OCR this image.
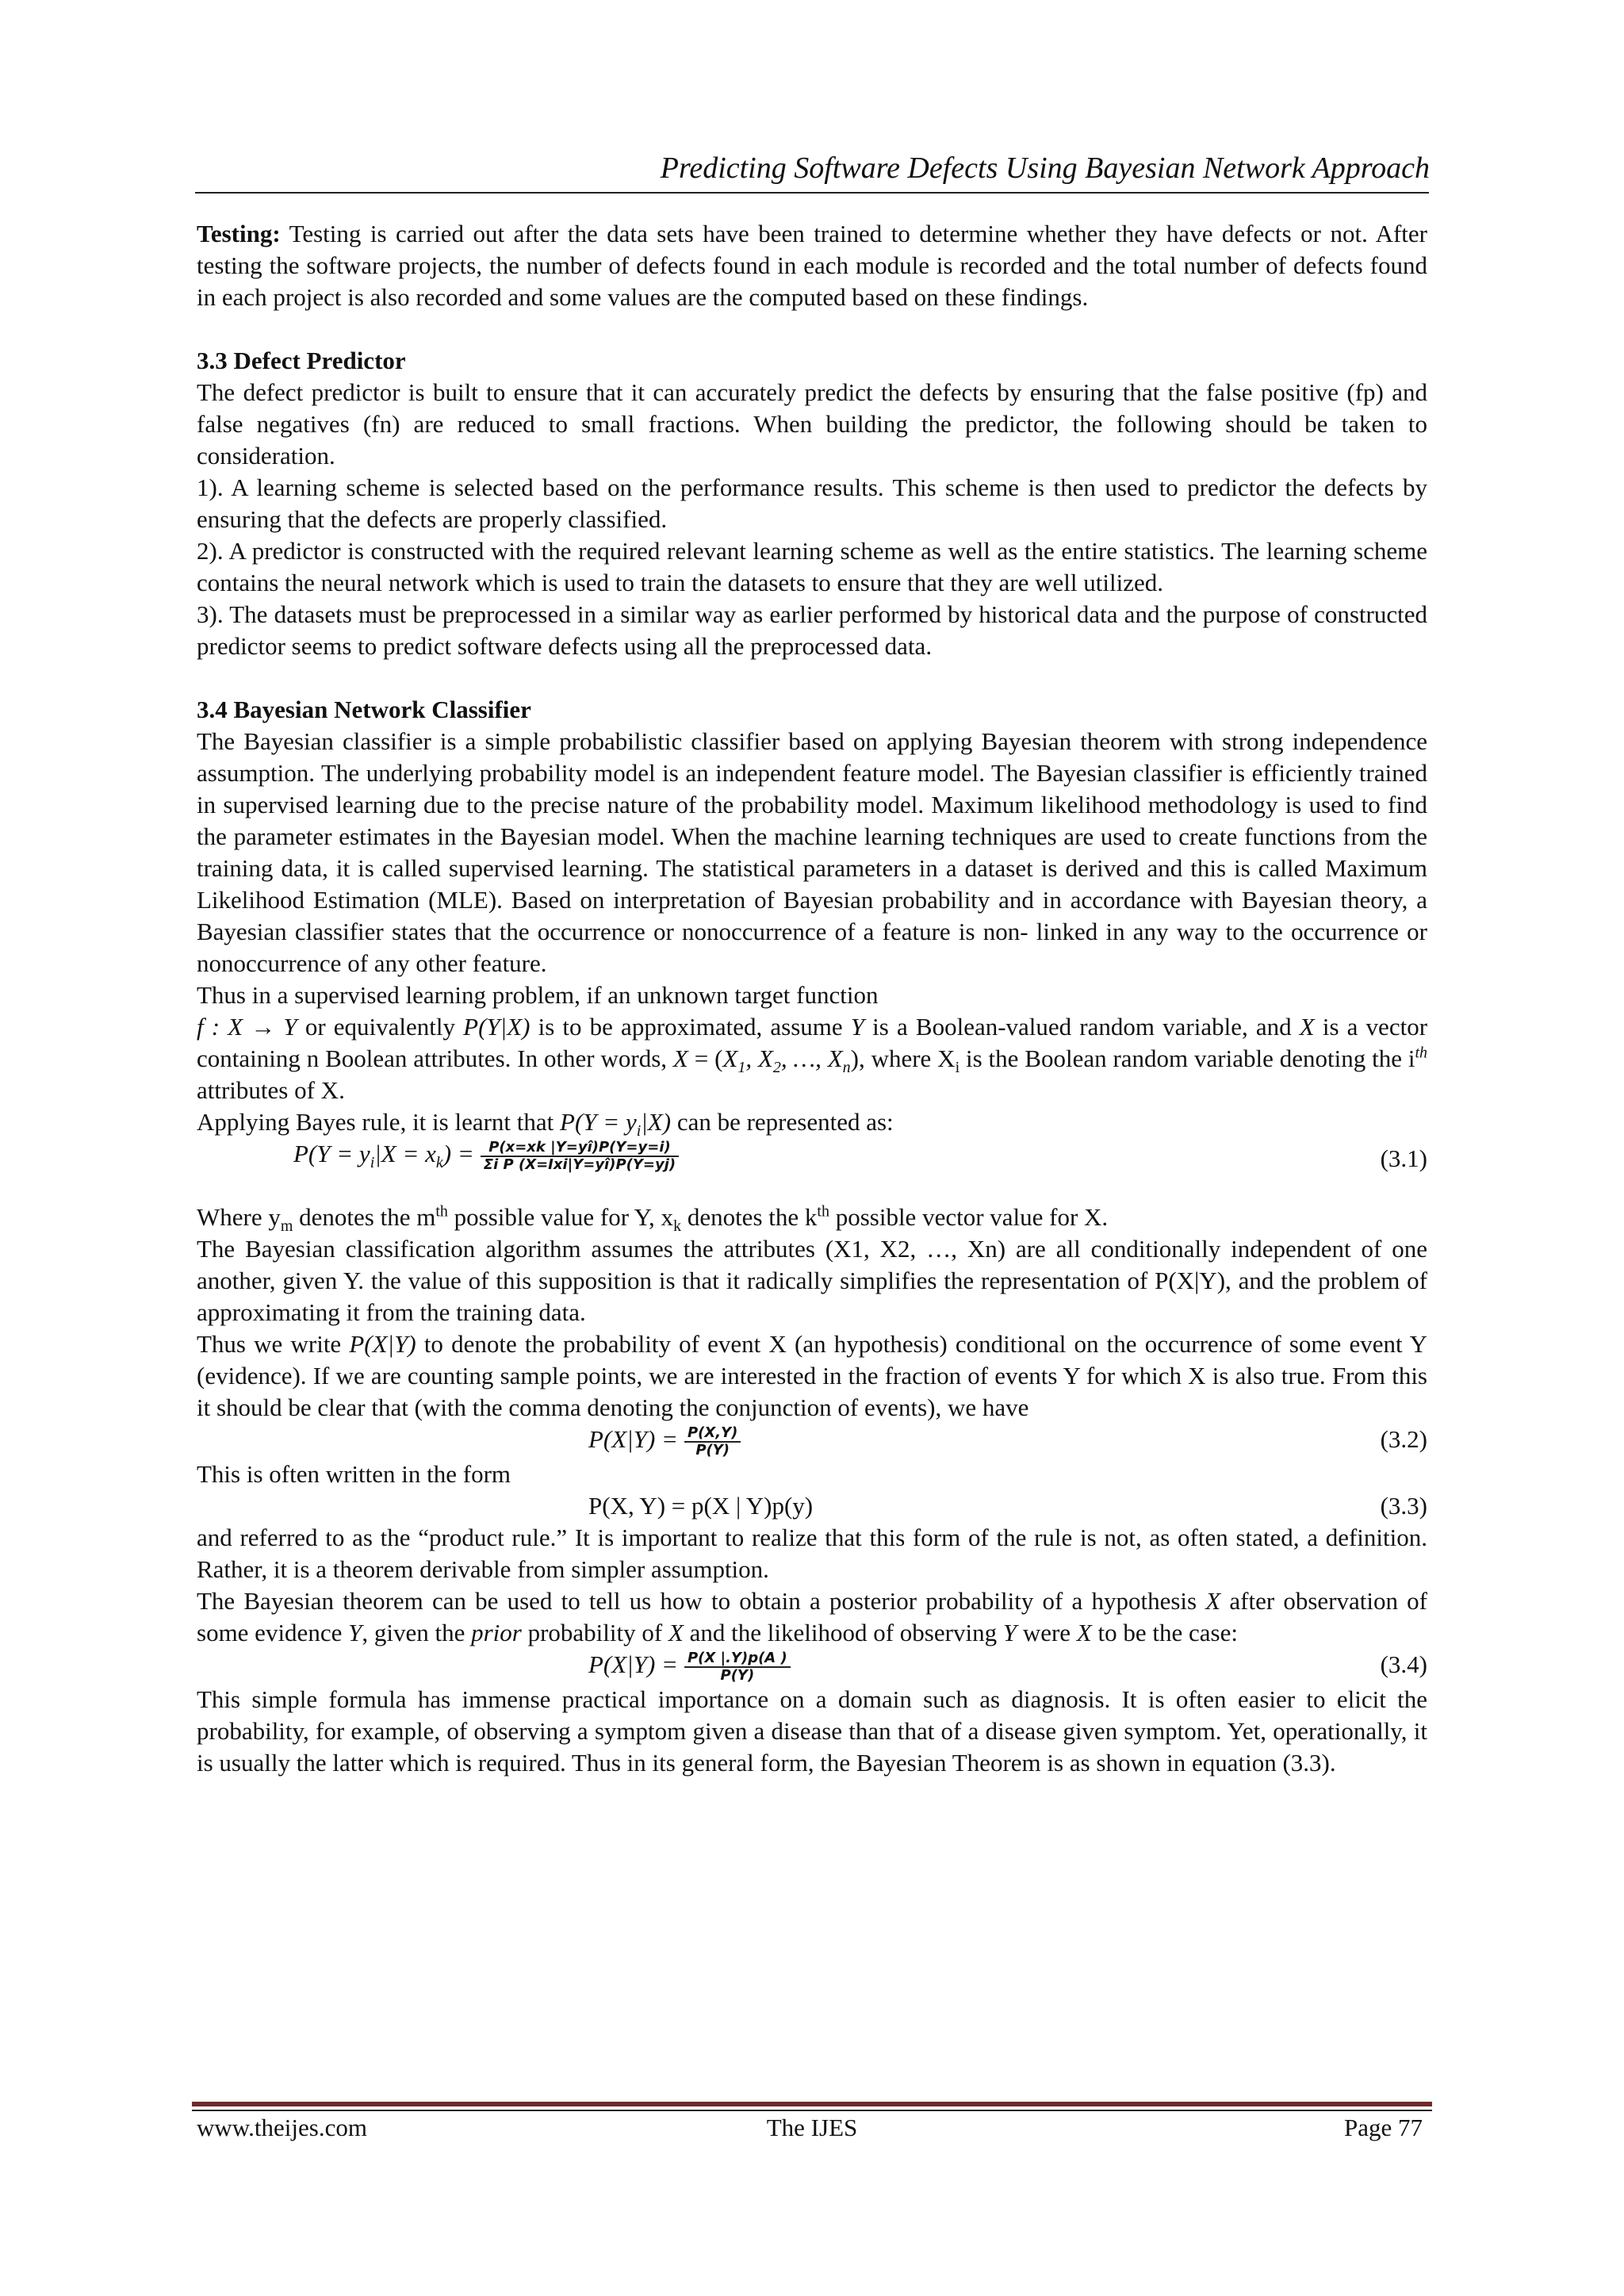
Predicting Software Defects Using Bayesian Network Approach

Testing: Testing is carried out after the data sets have been trained to determine whether they have defects or not. After testing the software projects, the number of defects found in each module is recorded and the total number of defects found in each project is also recorded and some values are the computed based on these findings.

3.3 Defect Predictor

The defect predictor is built to ensure that it can accurately predict the defects by ensuring that the false positive (fp) and false negatives (fn) are reduced to small fractions. When building the predictor, the following should be taken to consideration.

1). A learning scheme is selected based on the performance results. This scheme is then used to predictor the defects by ensuring that the defects are properly classified.

2). A predictor is constructed with the required relevant learning scheme as well as the entire statistics. The learning scheme contains the neural network which is used to train the datasets to ensure that they are well utilized.

3). The datasets must be preprocessed in a similar way as earlier performed by historical data and the purpose of constructed predictor seems to predict software defects using all the preprocessed data.

3.4 Bayesian Network Classifier

The Bayesian classifier is a simple probabilistic classifier based on applying Bayesian theorem with strong independence assumption. The underlying probability model is an independent feature model. The Bayesian classifier is efficiently trained in supervised learning due to the precise nature of the probability model. Maximum likelihood methodology is used to find the parameter estimates in the Bayesian model. When the machine learning techniques are used to create functions from the training data, it is called supervised learning. The statistical parameters in a dataset is derived and this is called Maximum Likelihood Estimation (MLE). Based on interpretation of Bayesian probability and in accordance with Bayesian theory, a Bayesian classifier states that the occurrence or nonoccurrence of a feature is non- linked in any way to the occurrence or nonoccurrence of any other feature.

Thus in a supervised learning problem, if an unknown target function

f : X → Y or equivalently P(Y|X) is to be approximated, assume Y is a Boolean-valued random variable, and X is a vector containing n Boolean attributes. In other words, $X = (X_1$, $X_2$, …, $X_n$), where $X_i$ is the Boolean random variable denoting the $i^{th}$ attributes of X.

Applying Bayes rule, it is learnt that $P(Y = y_i|X)$ can be represented as:

$P(Y = y_i|X = x_k) = \frac{P(x=xk |Y=yî)P(Y=y=i)}{\text{Σi P (X=Ixi|Y=yî)P(Y=yj)}}$	(3.1)

Where $y_m$ denotes the $m^{th}$ possible value for Y, $x_k$ denotes the $k^{th}$ possible vector value for X.

The Bayesian classification algorithm assumes the attributes (X1, X2, …, Xn) are all conditionally independent of one another, given Y. the value of this supposition is that it radically simplifies the representation of P(X|Y), and the problem of approximating it from the training data.

Thus we write P(X|Y) to denote the probability of event X (an hypothesis) conditional on the occurrence of some event Y (evidence). If we are counting sample points, we are interested in the fraction of events Y for which X is also true. From this it should be clear that (with the comma denoting the conjunction of events), we have

$P(X|Y) = \frac{P(X,Y)}{P(Y)}$	(3.2)

This is often written in the form

P(X, Y) = p(X | Y)p(y)	(3.3)

and referred to as the “product rule.” It is important to realize that this form of the rule is not, as often stated, a definition. Rather, it is a theorem derivable from simpler assumption.

The Bayesian theorem can be used to tell us how to obtain a posterior probability of a hypothesis X after observation of some evidence Y, given the prior probability of X and the likelihood of observing Y were X to be the case:

$P(X|Y) = \frac{P(X |.Y)p(A )}{P(Y)}$	(3.4)

This simple formula has immense practical importance on a domain such as diagnosis. It is often easier to elicit the probability, for example, of observing a symptom given a disease than that of a disease given symptom. Yet, operationally, it is usually the latter which is required. Thus in its general form, the Bayesian Theorem is as shown in equation (3.3).

www.theijes.com	The IJES	Page 77
